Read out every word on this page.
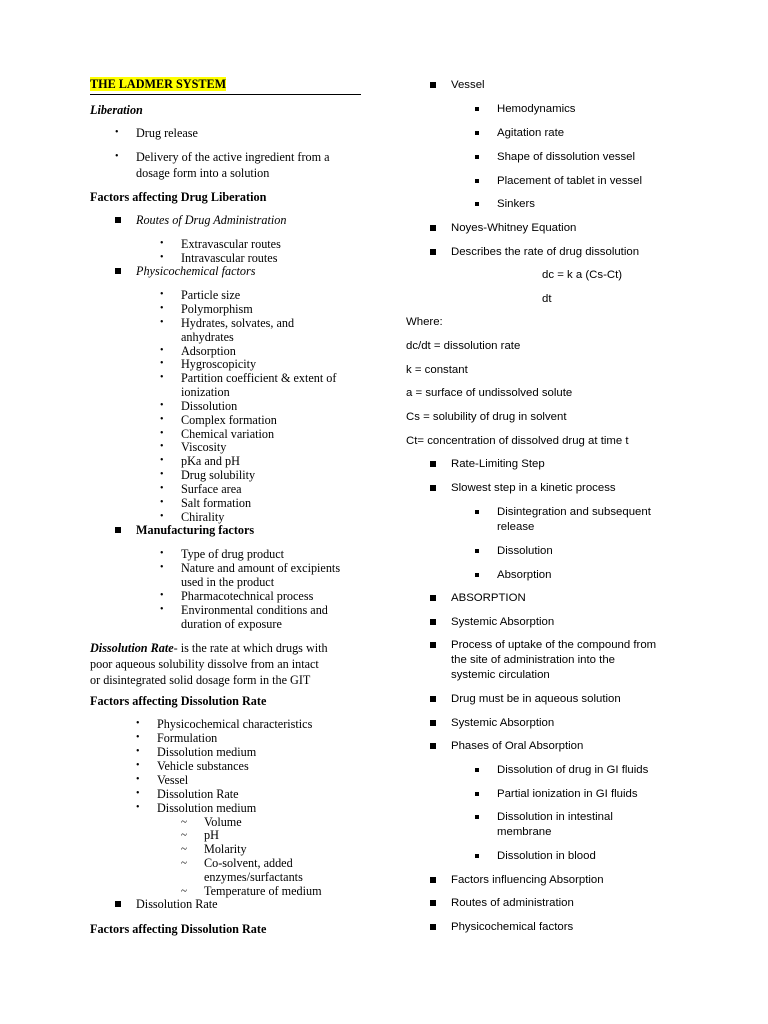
THE LADMER SYSTEM
Liberation
• Drug release
• Delivery of the active ingredient from a
dosage form into a solution
Factors affecting Drug Liberation
Routes of Drug Administration
• Extravascular routes
• Intravascular routes
Physicochemical factors
• Particle size
• Polymorphism
• Hydrates, solvates, and
anhydrates
• Adsorption
• Hygroscopicity
• Partition coefficient & extent of
ionization
• Dissolution
• Complex formation
• Chemical variation
• Viscosity
• pKa and pH
• Drug solubility
• Surface area
• Salt formation
• Chirality
Manufacturing factors
• Type of drug product
• Nature and amount of excipients
used in the product
• Pharmacotechnical process
• Environmental conditions and
duration of exposure
Dissolution Rate- is the rate at which drugs with
poor aqueous solubility dissolve from an intact
or disintegrated solid dosage form in the GIT
Factors affecting Dissolution Rate
• Physicochemical characteristics
• Formulation
• Dissolution medium
• Vehicle substances
• Vessel
• Dissolution Rate
• Dissolution medium
~ Volume
~ pH
~ Molarity
~ Co-solvent, added
enzymes/surfactants
~ Temperature of medium
Dissolution Rate
Factors affecting Dissolution Rate
Vessel
Hemodynamics
Agitation rate
Shape of dissolution vessel
Placement of tablet in vessel
Sinkers
Noyes-Whitney Equation
Describes the rate of drug dissolution
dc = k a (Cs-Ct)
dt
Where:
dc/dt = dissolution rate
k = constant
a = surface of undissolved solute
Cs = solubility of drug in solvent
Ct= concentration of dissolved drug at time t
Rate-Limiting Step
Slowest step in a kinetic process
Disintegration and subsequent
release
Dissolution
Absorption
ABSORPTION
Systemic Absorption
Process of uptake of the compound from
the site of administration into the
systemic circulation
Drug must be in aqueous solution
Systemic Absorption
Phases of Oral Absorption
Dissolution of drug in GI fluids
Partial ionization in GI fluids
Dissolution in intestinal
membrane
Dissolution in blood
Factors influencing Absorption
Routes of administration
Physicochemical factors
